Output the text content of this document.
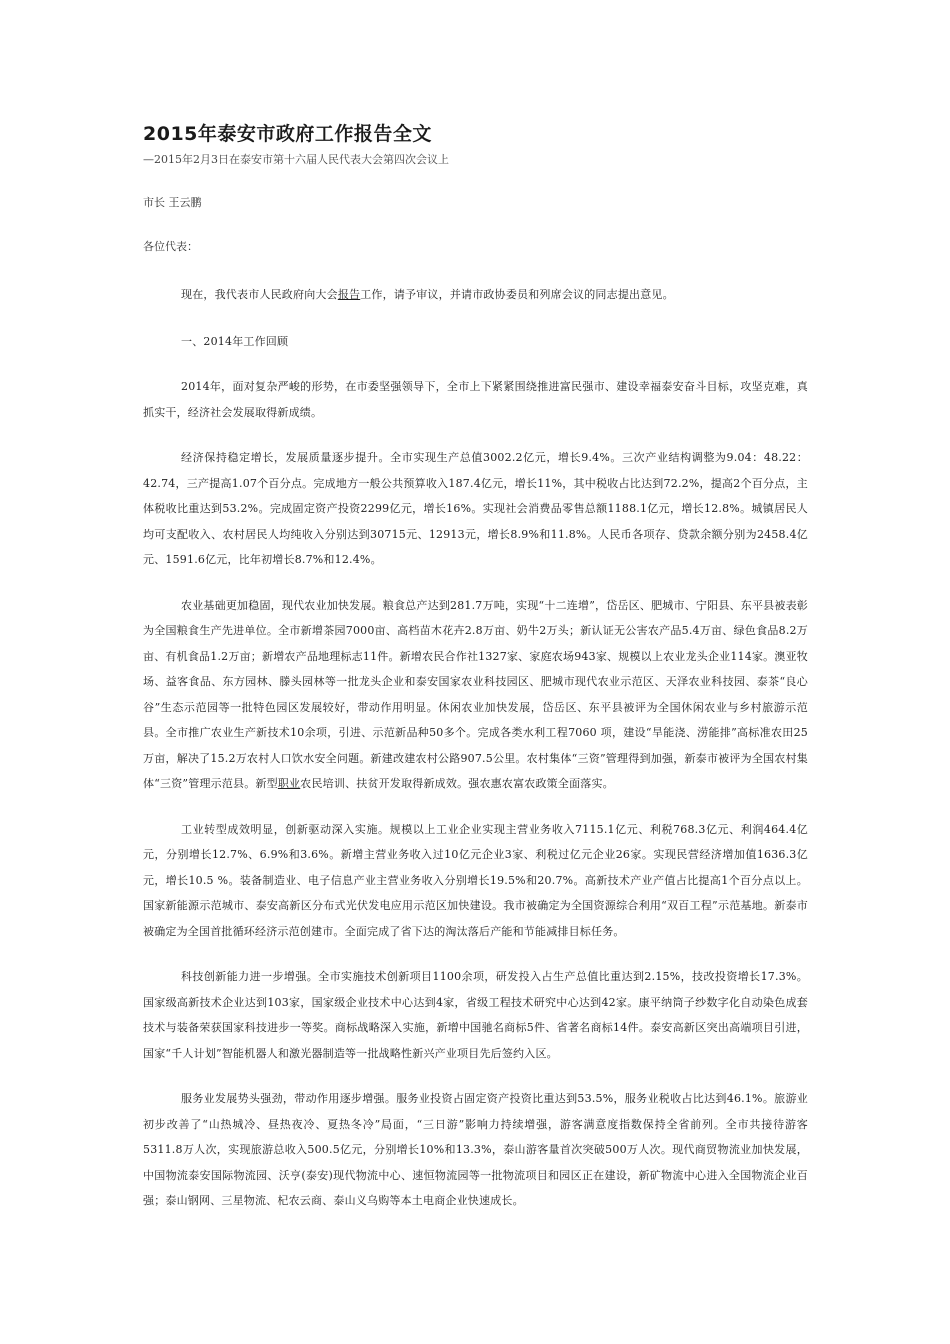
2015年泰安市政府工作报告全文

—2015年2月3日在泰安市第十六届人民代表大会第四次会议上

市长 王云鹏

各位代表：

现在，我代表市人民政府向大会报告工作，请予审议，并请市政协委员和列席会议的同志提出意见。

一、2014年工作回顾

2014年，面对复杂严峻的形势，在市委坚强领导下，全市上下紧紧围绕推进富民强市、建设幸福泰安奋斗目标，攻坚克难，真抓实干，经济社会发展取得新成绩。

经济保持稳定增长，发展质量逐步提升。全市实现生产总值3002.2亿元，增长9.4%。三次产业结构调整为9.04：48.22：42.74，三产提高1.07个百分点。完成地方一般公共预算收入187.4亿元，增长11%，其中税收占比达到72.2%，提高2个百分点，主体税收比重达到53.2%。完成固定资产投资2299亿元，增长16%。实现社会消费品零售总额1188.1亿元，增长12.8%。城镇居民人均可支配收入、农村居民人均纯收入分别达到30715元、12913元，增长8.9%和11.8%。人民币各项存、贷款余额分别为2458.4亿元、1591.6亿元，比年初增长8.7%和12.4%。

农业基础更加稳固，现代农业加快发展。粮食总产达到281.7万吨，实现“十二连增”，岱岳区、肥城市、宁阳县、东平县被表彰为全国粮食生产先进单位。全市新增茶园7000亩、高档苗木花卉2.8万亩、奶牛2万头；新认证无公害农产品5.4万亩、绿色食品8.2万亩、有机食品1.2万亩；新增农产品地理标志11件。新增农民合作社1327家、家庭农场943家、规模以上农业龙头企业114家。澳亚牧场、益客食品、东方园林、滕头园林等一批龙头企业和泰安国家农业科技园区、肥城市现代农业示范区、天泽农业科技园、泰茶“良心谷”生态示范园等一批特色园区发展较好，带动作用明显。休闲农业加快发展，岱岳区、东平县被评为全国休闲农业与乡村旅游示范县。全市推广农业生产新技术10余项，引进、示范新品种50多个。完成各类水利工程7060 项，建设“旱能浇、涝能排”高标准农田25万亩，解决了15.2万农村人口饮水安全问题。新建改建农村公路907.5公里。农村集体“三资”管理得到加强，新泰市被评为全国农村集体“三资”管理示范县。新型职业农民培训、扶贫开发取得新成效。强农惠农富农政策全面落实。

工业转型成效明显，创新驱动深入实施。规模以上工业企业实现主营业务收入7115.1亿元、利税768.3亿元、利润464.4亿元，分别增长12.7%、6.9%和3.6%。新增主营业务收入过10亿元企业3家、利税过亿元企业26家。实现民营经济增加值1636.3亿元，增长10.5 %。装备制造业、电子信息产业主营业务收入分别增长19.5%和20.7%。高新技术产业产值占比提高1个百分点以上。国家新能源示范城市、泰安高新区分布式光伏发电应用示范区加快建设。我市被确定为全国资源综合利用“双百工程”示范基地。新泰市被确定为全国首批循环经济示范创建市。全面完成了省下达的淘汰落后产能和节能减排目标任务。

科技创新能力进一步增强。全市实施技术创新项目1100余项，研发投入占生产总值比重达到2.15%，技改投资增长17.3%。国家级高新技术企业达到103家，国家级企业技术中心达到4家，省级工程技术研究中心达到42家。康平纳筒子纱数字化自动染色成套技术与装备荣获国家科技进步一等奖。商标战略深入实施，新增中国驰名商标5件、省著名商标14件。泰安高新区突出高端项目引进，国家“千人计划”智能机器人和激光器制造等一批战略性新兴产业项目先后签约入区。

服务业发展势头强劲，带动作用逐步增强。服务业投资占固定资产投资比重达到53.5%，服务业税收占比达到46.1%。旅游业初步改善了“山热城冷、昼热夜冷、夏热冬冷”局面，“三日游”影响力持续增强，游客满意度指数保持全省前列。全市共接待游客5311.8万人次，实现旅游总收入500.5亿元，分别增长10%和13.3%，泰山游客量首次突破500万人次。现代商贸物流业加快发展，中国物流泰安国际物流园、沃亨(泰安)现代物流中心、速恒物流园等一批物流项目和园区正在建设，新矿物流中心进入全国物流企业百强；泰山钢网、三星物流、杞农云商、泰山义乌购等本土电商企业快速成长。
